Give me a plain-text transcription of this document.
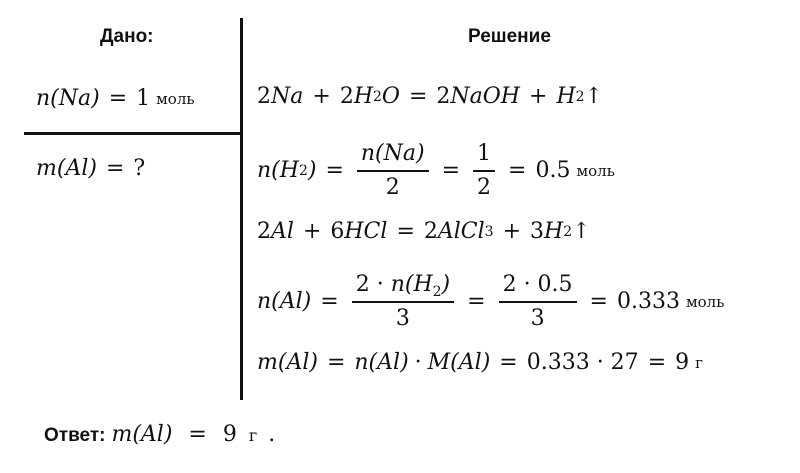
Дано:	Решение
n(Na) = 1 моль
m(Al) = ?
2 Na + 2 H 2 O = 2 NaOH + H 2 ↑
n(H 2 ) = $\frac{n(Na)}{2} = \frac{1}{2} = 0.5$ моль
2 Al + 6 HCl = 2 AlCl 3 + 3 H 2 ↑
$n(Al) = \frac{2 \cdot n(H_2)}{3} = \frac{2 \cdot 0.5}{3} = 0.333$ моль
m(Al) = n(Al) · M(Al) = 0.333 · 27 = 9 г
Ответ: m(Al) = 9 г .
